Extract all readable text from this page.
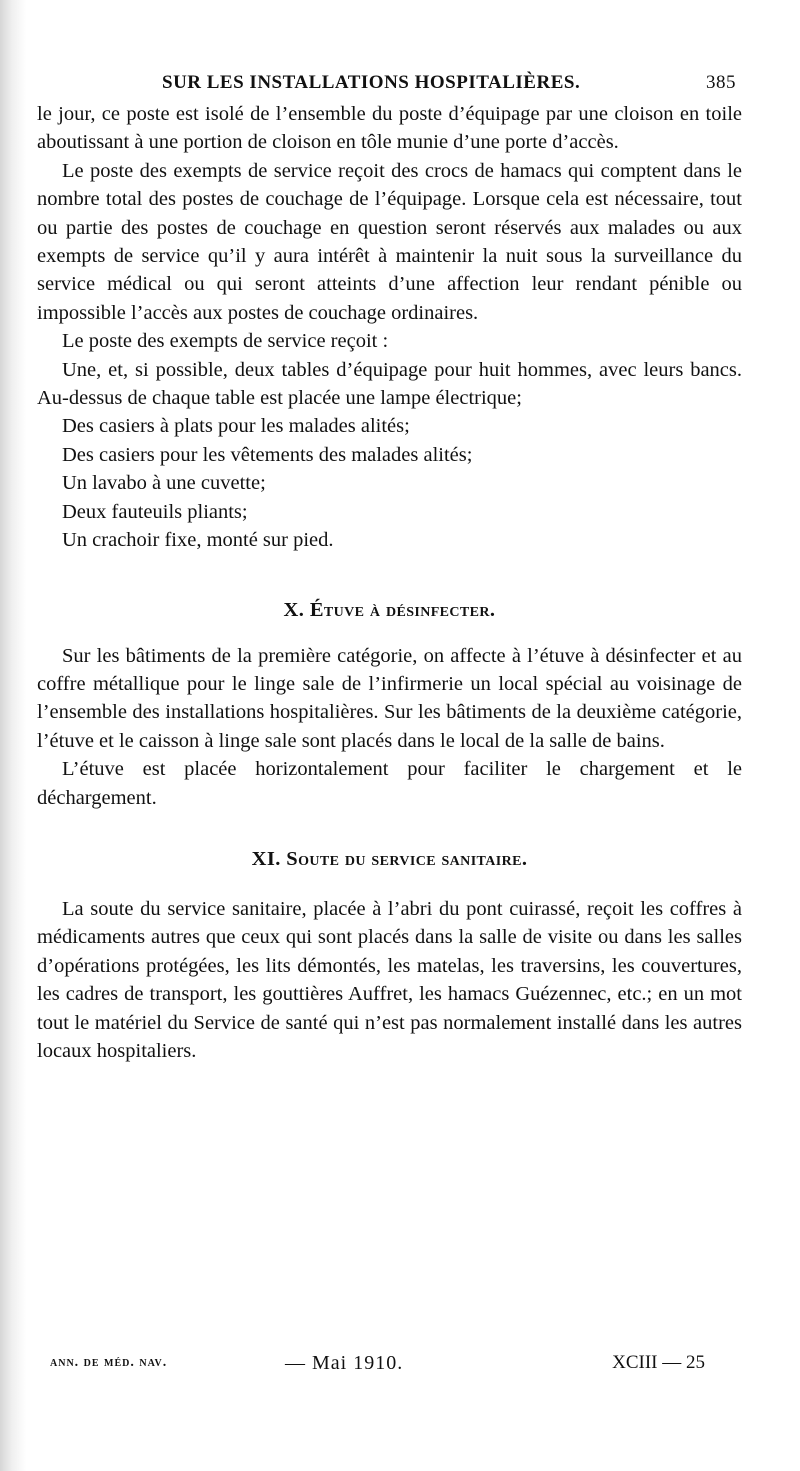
SUR LES INSTALLATIONS HOSPITALIÈRES.	385

le jour, ce poste est isolé de l’ensemble du poste d’équipage par une cloison en toile aboutissant à une portion de cloison en tôle munie d’une porte d’accès.

Le poste des exempts de service reçoit des crocs de hamacs qui comptent dans le nombre total des postes de couchage de l’équipage. Lorsque cela est nécessaire, tout ou partie des postes de couchage en question seront réservés aux malades ou aux exempts de service qu’il y aura intérêt à maintenir la nuit sous la surveillance du service médical ou qui seront atteints d’une affection leur rendant pénible ou impossible l’accès aux postes de couchage ordinaires.

Le poste des exempts de service reçoit :

Une, et, si possible, deux tables d’équipage pour huit hommes, avec leurs bancs. Au-dessus de chaque table est placée une lampe électrique;

Des casiers à plats pour les malades alités;

Des casiers pour les vêtements des malades alités;

Un lavabo à une cuvette;

Deux fauteuils pliants;

Un crachoir fixe, monté sur pied.

X. Étuve à désinfecter.

Sur les bâtiments de la première catégorie, on affecte à l’étuve à désinfecter et au coffre métallique pour le linge sale de l’infirmerie un local spécial au voisinage de l’ensemble des installations hospitalières. Sur les bâtiments de la deuxième catégorie, l’étuve et le caisson à linge sale sont placés dans le local de la salle de bains.

L’étuve est placée horizontalement pour faciliter le chargement et le déchargement.

XI. Soute du service sanitaire.

La soute du service sanitaire, placée à l’abri du pont cuirassé, reçoit les coffres à médicaments autres que ceux qui sont placés dans la salle de visite ou dans les salles d’opérations protégées, les lits démontés, les matelas, les traversins, les couvertures, les cadres de transport, les gouttières Auffret, les hamacs Guézennec, etc.; en un mot tout le matériel du Service de santé qui n’est pas normalement installé dans les autres locaux hospitaliers.

ann. de méd. nav.	— Mai 1910.	XCIII — 25
